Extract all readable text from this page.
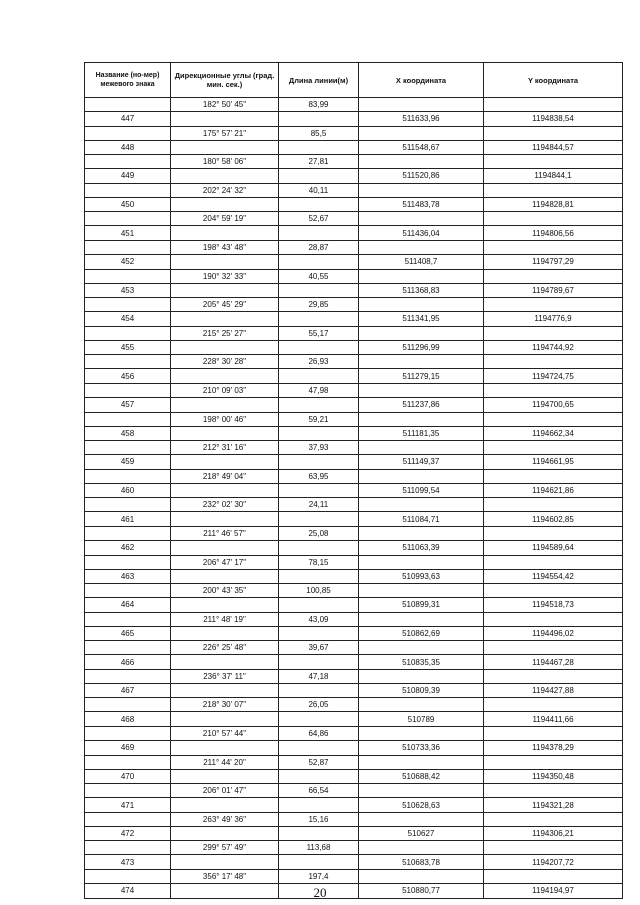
Название (но-мер) межевого знака	Дирекционные углы (град. мин. сек.)	Длина линии(м)	X координата	Y координата
	182° 50' 45"	83,99		
447			511633,96	1194838,54
	175° 57' 21"	85,5		
448			511548,67	1194844,57
	180° 58' 06"	27,81		
449			511520,86	1194844,1
	202° 24' 32"	40,11		
450			511483,78	1194828,81
	204° 59' 19"	52,67		
451			511436,04	1194806,56
	198° 43' 48"	28,87		
452			511408,7	1194797,29
	190° 32' 33"	40,55		
453			511368,83	1194789,67
	205° 45' 29"	29,85		
454			511341,95	1194776,9
	215° 25' 27"	55,17		
455			511296,99	1194744,92
	228° 30' 28"	26,93		
456			511279,15	1194724,75
	210° 09' 03"	47,98		
457			511237,86	1194700,65
	198° 00' 46"	59,21		
458			511181,35	1194662,34
	212° 31' 16"	37,93		
459			511149,37	1194661,95
	218° 49' 04"	63,95		
460			511099,54	1194621,86
	232° 02' 30"	24,11		
461			511084,71	1194602,85
	211° 46' 57"	25,08		
462			511063,39	1194589,64
	206° 47' 17"	78,15		
463			510993,63	1194554,42
	200° 43' 35"	100,85		
464			510899,31	1194518,73
	211° 48' 19"	43,09		
465			510862,69	1194496,02
	226° 25' 48"	39,67		
466			510835,35	1194467,28
	236° 37' 11"	47,18		
467			510809,39	1194427,88
	218° 30' 07"	26,05		
468			510789	1194411,66
	210° 57' 44"	64,86		
469			510733,36	1194378,29
	211° 44' 20"	52,87		
470			510688,42	1194350,48
	206° 01' 47"	66,54		
471			510628,63	1194321,28
	263° 49' 36"	15,16		
472			510627	1194306,21
	299° 57' 49"	113,68		
473			510683,78	1194207,72
	356° 17' 48"	197,4		
474			510880,77	1194194,97
20
